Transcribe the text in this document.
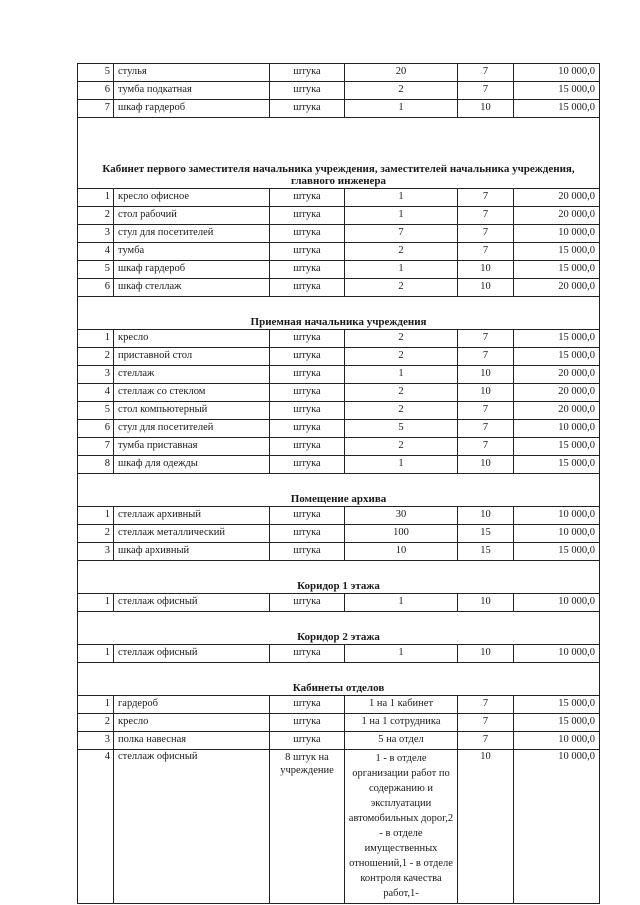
5	стулья	штука	20	7	10 000,0
6	тумба подкатная	штука	2	7	15 000,0
7	шкаф гардероб	штука	1	10	15 000,0
Кабинет первого заместителя начальника учреждения, заместителей начальника учреждения, главного инженера					
1	кресло офисное	штука	1	7	20 000,0
2	стол рабочий	штука	1	7	20 000,0
3	стул для посетителей	штука	7	7	10 000,0
4	тумба	штука	2	7	15 000,0
5	шкаф гардероб	штука	1	10	15 000,0
6	шкаф стеллаж	штука	2	10	20 000,0
Приемная начальника учреждения					
1	кресло	штука	2	7	15 000,0
2	приставной стол	штука	2	7	15 000,0
3	стеллаж	штука	1	10	20 000,0
4	стеллаж со стеклом	штука	2	10	20 000,0
5	стол компьютерный	штука	2	7	20 000,0
6	стул для посетителей	штука	5	7	10 000,0
7	тумба приставная	штука	2	7	15 000,0
8	шкаф для одежды	штука	1	10	15 000,0
Помещение архива					
1	стеллаж архивный	штука	30	10	10 000,0
2	стеллаж металлический	штука	100	15	10 000,0
3	шкаф архивный	штука	10	15	15 000,0
Коридор 1 этажа					
1	стеллаж офисный	штука	1	10	10 000,0
Коридор 2 этажа					
1	стеллаж офисный	штука	1	10	10 000,0
Кабинеты отделов					
1	гардероб	штука	1 на 1 кабинет	7	15 000,0
2	кресло	штука	1 на 1 сотрудника	7	15 000,0
3	полка навесная	штука	5 на отдел	7	10 000,0
4	стеллаж офисный	8 штук на учреждение	1 - в отделе организации работ по содержанию и эксплуатации автомобильных дорог,2 - в отделе имущественных отношений,1 - в отделе контроля качества работ,1-	10	10 000,0
